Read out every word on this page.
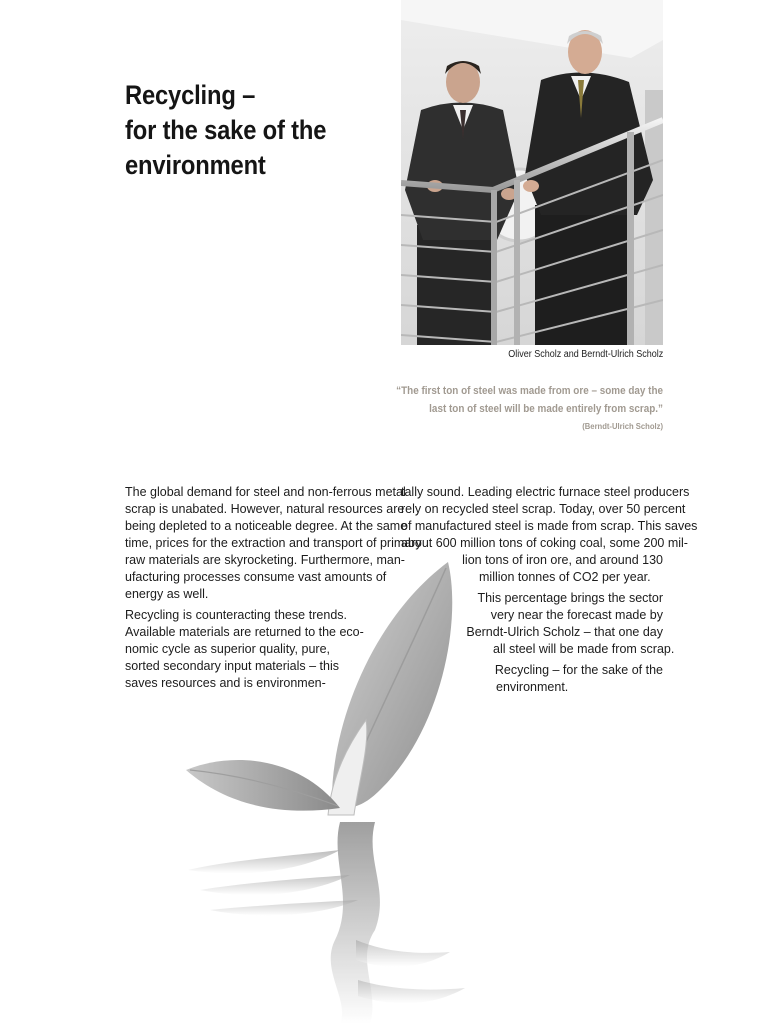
Recycling –
for the sake of the
environment
Oliver Scholz and Berndt-Ulrich Scholz
“The first ton of steel was made from ore – some day the
last ton of steel will be made entirely from scrap.”
(Berndt-Ulrich Scholz)
The global demand for steel and non-ferrous metal
scrap is unabated. However, natural resources are
being depleted to a noticeable degree. At the same
time, prices for the extraction and transport of primary
raw materials are skyrocketing. Furthermore, man-
ufacturing processes consume vast amounts of
energy as well.
Recycling is counteracting these trends.
Available materials are returned to the eco-
nomic cycle as superior quality, pure,
sorted secondary input materials – this
saves resources and is environmen-
tally sound. Leading electric furnace steel producers
rely on recycled steel scrap. Today, over 50 percent
of manufactured steel is made from scrap. This saves
about 600 million tons of coking coal, some 200 mil-
lion tons of iron ore, and around 130
million tonnes of CO2 per year.
This percentage brings the sector
very near the forecast made by
Berndt-Ulrich Scholz – that one day
all steel will be made from scrap.
Recycling – for the sake of the
environment.
